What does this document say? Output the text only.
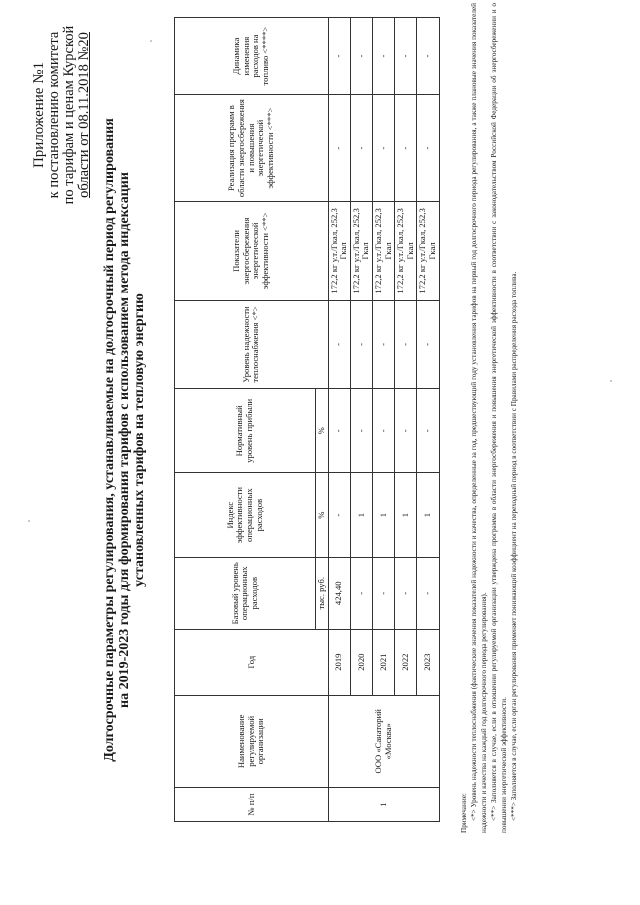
Приложение №1 к постановлению комитета по тарифам и ценам Курской области от 08.11.2018 №20
Долгосрочные параметры регулирования, устанавливаемые на долгосрочный период регулирования на 2019-2023 годы для формирования тарифов с использованием метода индексации установленных тарифов на тепловую энергию
№ п/п	Наименование регулируемой организации	Год	Базовый уровень операционных расходов	Индекс эффективности операционных расходов	Нормативный уровень прибыли	Уровень надежности теплоснабжения <*>	Показатели энергосбережения энергетической эффективности <**>	Реализация программ в области энергосбережения и повышения энергетической эффективности <***>	Динамика изменения расходов на топливо <****>
			тыс. руб.	%	%				
1	ООО «Санаторий «Москва»	2019	424,40	-	-	-	172,2 кг у.т./Гкал, 252,3 Гкал	-	-
		2020	-	1	-	-	172,2 кг у.т./Гкал, 252,3 Гкал	-	-
		2021	-	1	-	-	172,2 кг у.т./Гкал, 252,3 Гкал	-	-
		2022	-	1	-	-	172,2 кг у.т./Гкал, 252,3 Гкал	-	-
		2023	-	1	-	-	172,2 кг у.т./Гкал, 252,3 Гкал	-	-
Примечание: <*> Уровень надежности теплоснабжения (фактические значения показателей надежности и качества, определенные за год, предшествующий году установления тарифов на первый год долгосрочного периода регулирования, а также плановые значения показателей надежности и качества на каждый год долгосрочного периода регулирования). <**> Заполняется в случае, если в отношении регулируемой организации утверждена программа в области энергосбережения и повышения энергетической эффективности в соответствии с законодательством Российской Федерации об энергосбережении и о повышении энергетической эффективности. <***> Заполняется в случае, если орган регулирования применяет понижающий коэффициент на переходный период в соответствии с Правилами распределения расхода топлива.
